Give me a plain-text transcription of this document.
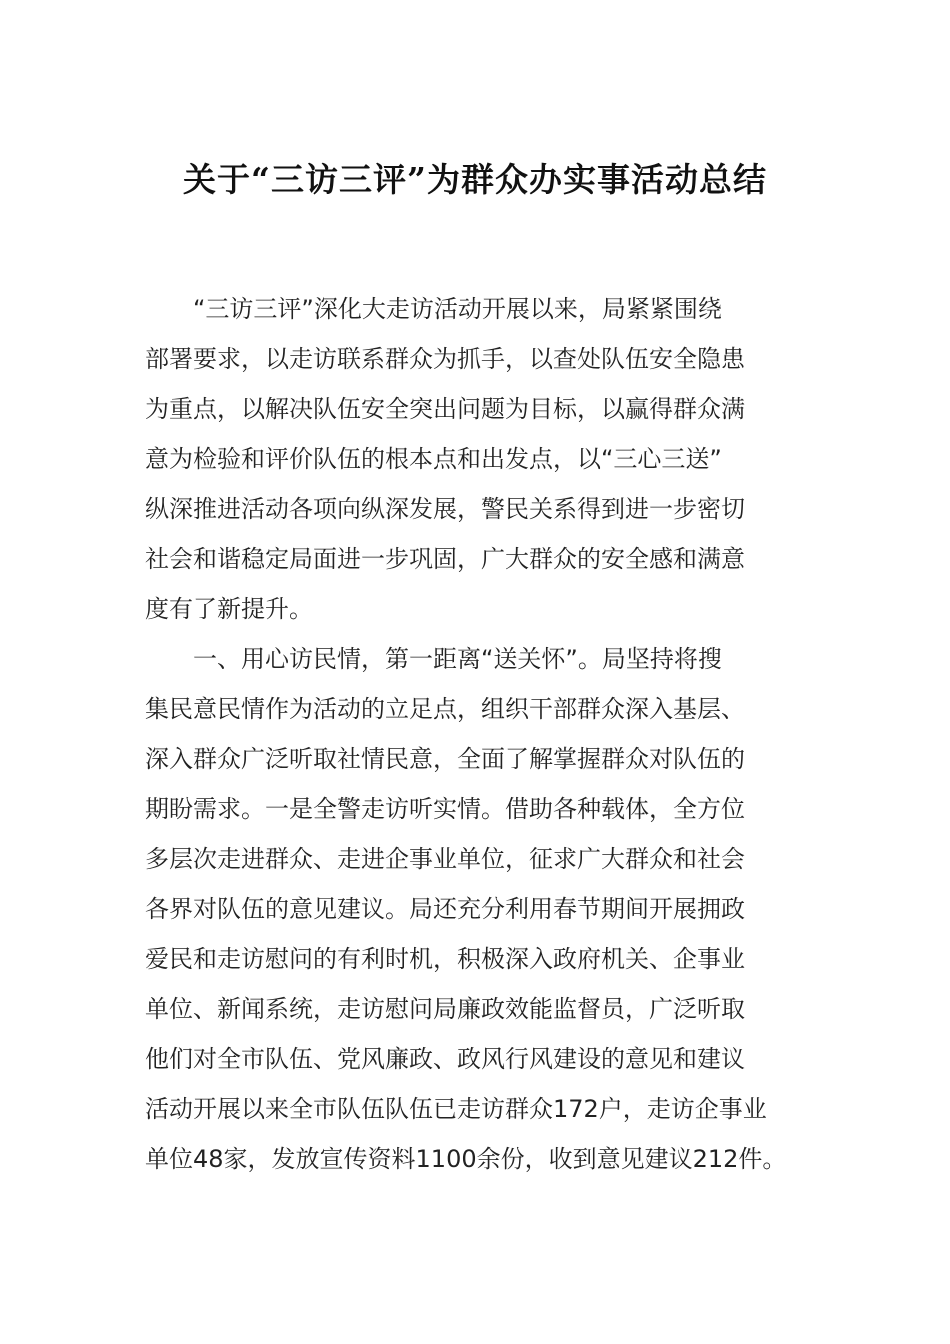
关于“三访三评”为群众办实事活动总结
“三访三评”深化大走访活动开展以来，局紧紧围绕
部署要求，以走访联系群众为抓手，以查处队伍安全隐患
为重点，以解决队伍安全突出问题为目标，以赢得群众满
意为检验和评价队伍的根本点和出发点，以“三心三送”
纵深推进活动各项向纵深发展，警民关系得到进一步密切
社会和谐稳定局面进一步巩固，广大群众的安全感和满意
度有了新提升。
一、用心访民情，第一距离“送关怀”。局坚持将搜
集民意民情作为活动的立足点，组织干部群众深入基层、
深入群众广泛听取社情民意，全面了解掌握群众对队伍的
期盼需求。一是全警走访听实情。借助各种载体，全方位
多层次走进群众、走进企事业单位，征求广大群众和社会
各界对队伍的意见建议。局还充分利用春节期间开展拥政
爱民和走访慰问的有利时机，积极深入政府机关、企事业
单位、新闻系统，走访慰问局廉政效能监督员，广泛听取
他们对全市队伍、党风廉政、政风行风建设的意见和建议
活动开展以来全市队伍队伍已走访群众172户，走访企事业
单位48家，发放宣传资料1100余份，收到意见建议212件。
